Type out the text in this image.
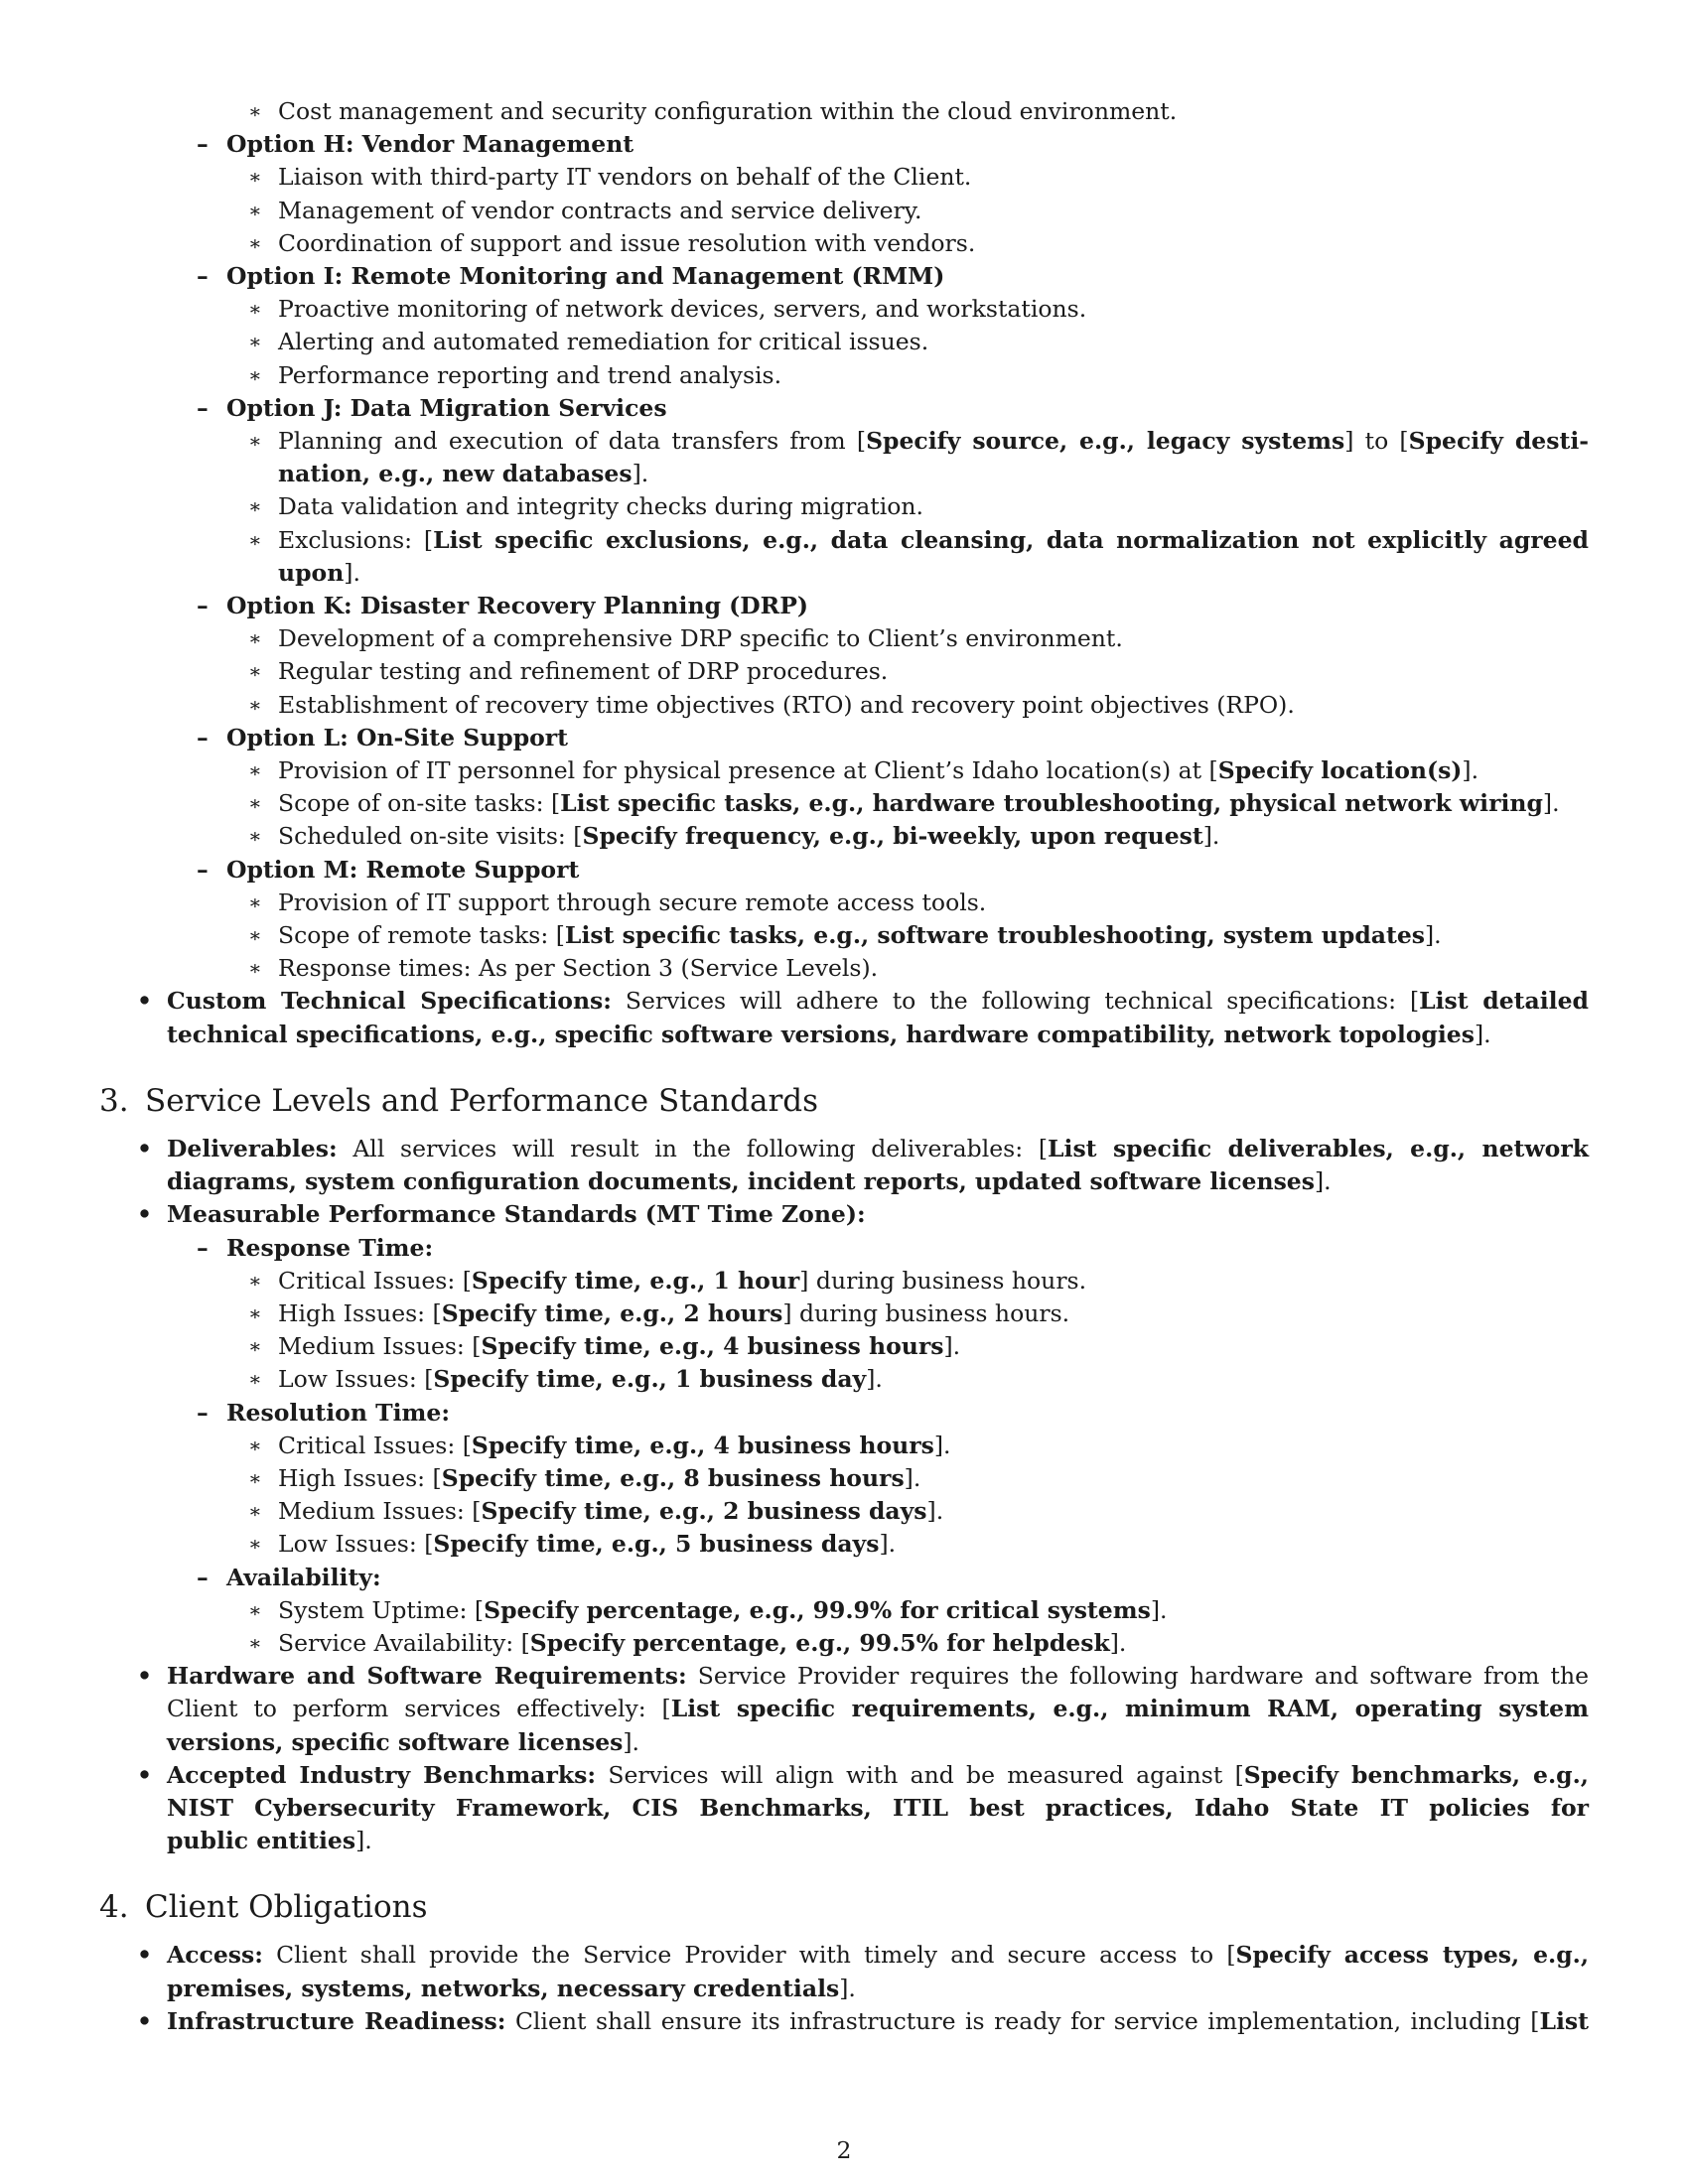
∗ Cost management and security configuration within the cloud environment.
– Option H: Vendor Management
∗ Liaison with third-party IT vendors on behalf of the Client.
∗ Management of vendor contracts and service delivery.
∗ Coordination of support and issue resolution with vendors.
– Option I: Remote Monitoring and Management (RMM)
∗ Proactive monitoring of network devices, servers, and workstations.
∗ Alerting and automated remediation for critical issues.
∗ Performance reporting and trend analysis.
– Option J: Data Migration Services
∗ Planning and execution of data transfers from [Specify source, e.g., legacy systems] to [Specify desti-
nation, e.g., new databases].
∗ Data validation and integrity checks during migration.
∗ Exclusions: [List specific exclusions, e.g., data cleansing, data normalization not explicitly agreed
upon].
– Option K: Disaster Recovery Planning (DRP)
∗ Development of a comprehensive DRP specific to Client’s environment.
∗ Regular testing and refinement of DRP procedures.
∗ Establishment of recovery time objectives (RTO) and recovery point objectives (RPO).
– Option L: On-Site Support
∗ Provision of IT personnel for physical presence at Client’s Idaho location(s) at [Specify location(s)].
∗ Scope of on-site tasks: [List specific tasks, e.g., hardware troubleshooting, physical network wiring].
∗ Scheduled on-site visits: [Specify frequency, e.g., bi-weekly, upon request].
– Option M: Remote Support
∗ Provision of IT support through secure remote access tools.
∗ Scope of remote tasks: [List specific tasks, e.g., software troubleshooting, system updates].
∗ Response times: As per Section 3 (Service Levels).
• Custom Technical Specifications: Services will adhere to the following technical specifications: [List detailed
technical specifications, e.g., specific software versions, hardware compatibility, network topologies].
3. Service Levels and Performance Standards
• Deliverables: All services will result in the following deliverables: [List specific deliverables, e.g., network
diagrams, system configuration documents, incident reports, updated software licenses].
• Measurable Performance Standards (MT Time Zone):
– Response Time:
∗ Critical Issues: [Specify time, e.g., 1 hour] during business hours.
∗ High Issues: [Specify time, e.g., 2 hours] during business hours.
∗ Medium Issues: [Specify time, e.g., 4 business hours].
∗ Low Issues: [Specify time, e.g., 1 business day].
– Resolution Time:
∗ Critical Issues: [Specify time, e.g., 4 business hours].
∗ High Issues: [Specify time, e.g., 8 business hours].
∗ Medium Issues: [Specify time, e.g., 2 business days].
∗ Low Issues: [Specify time, e.g., 5 business days].
– Availability:
∗ System Uptime: [Specify percentage, e.g., 99.9% for critical systems].
∗ Service Availability: [Specify percentage, e.g., 99.5% for helpdesk].
• Hardware and Software Requirements: Service Provider requires the following hardware and software from the
Client to perform services effectively: [List specific requirements, e.g., minimum RAM, operating system
versions, specific software licenses].
• Accepted Industry Benchmarks: Services will align with and be measured against [Specify benchmarks, e.g.,
NIST Cybersecurity Framework, CIS Benchmarks, ITIL best practices, Idaho State IT policies for
public entities].
4. Client Obligations
• Access: Client shall provide the Service Provider with timely and secure access to [Specify access types, e.g.,
premises, systems, networks, necessary credentials].
• Infrastructure Readiness: Client shall ensure its infrastructure is ready for service implementation, including [List
2
